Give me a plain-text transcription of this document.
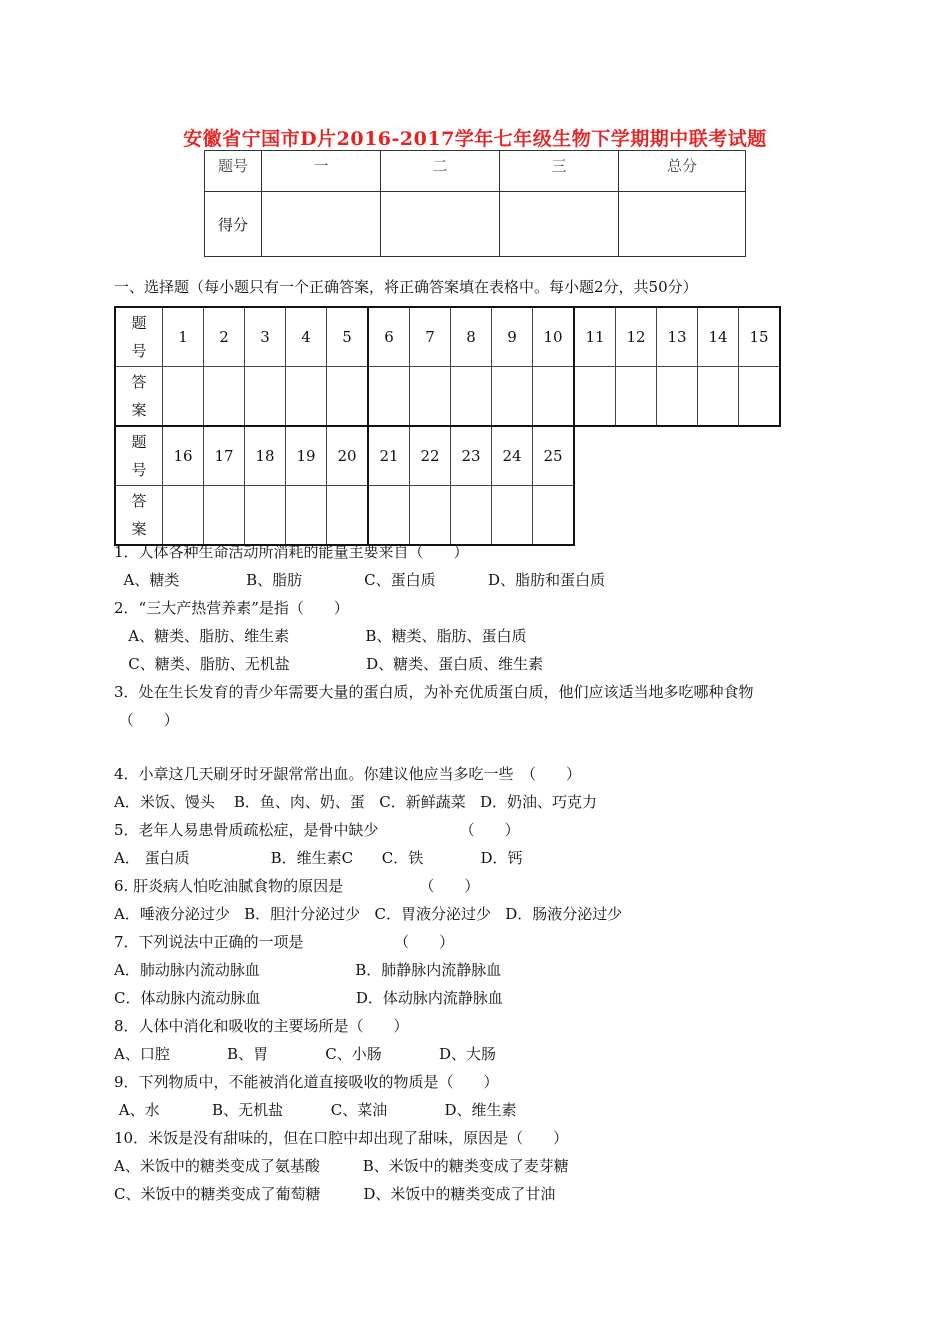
安徽省宁国市D片2016-2017学年七年级生物下学期期中联考试题
题号	一	二	三	总分
得分				
一、选择题（每小题只有一个正确答案，将正确答案填在表格中。每小题2分，共50分）
题
号	1	2	3	4	5	6	7	8	9	10	11	12	13	14	15
答
案															
题
号	16	17	18	19	20	21	22	23	24	25					
答
案															
1．人体各种生命活动所消耗的能量主要来自（　　）
A、糖类              B、脂肪             C、蛋白质           D、脂肪和蛋白质
2．“三大产热营养素”是指（　　）
A、糖类、脂肪、维生素                B、糖类、脂肪、蛋白质
C、糖类、脂肪、无机盐                D、糖类、蛋白质、维生素
3．处在生长发育的青少年需要大量的蛋白质，为补充优质蛋白质，他们应该适当地多吃哪种食物
（　　）
4．小章这几天刷牙时牙龈常常出血。你建议他应当多吃一些　（　　）
A．米饭、馒头    B．鱼、肉、奶、蛋   C．新鲜蔬菜   D．奶油、巧克力
5．老年人易患骨质疏松症，是骨中缺少                 （　　）
A． 蛋白质                 B．维生素C      C．铁            D．钙
6. 肝炎病人怕吃油腻食物的原因是                （　　）
A．唾液分泌过少   B．胆汁分泌过少   C．胃液分泌过少   D．肠液分泌过少
7．下列说法中正确的一项是                   （　　）
A．肺动脉内流动脉血                    B．肺静脉内流静脉血
C．体动脉内流动脉血                    D．体动脉内流静脉血
8．人体中消化和吸收的主要场所是（　　）
A、口腔            B、胃            C、小肠            D、大肠
9．下列物质中，不能被消化道直接吸收的物质是（　　）
A、水           B、无机盐          C、菜油            D、维生素
10．米饭是没有甜味的，但在口腔中却出现了甜味，原因是（　　）
A、米饭中的糖类变成了氨基酸         B、米饭中的糖类变成了麦芽糖
C、米饭中的糖类变成了葡萄糖         D、米饭中的糖类变成了甘油
